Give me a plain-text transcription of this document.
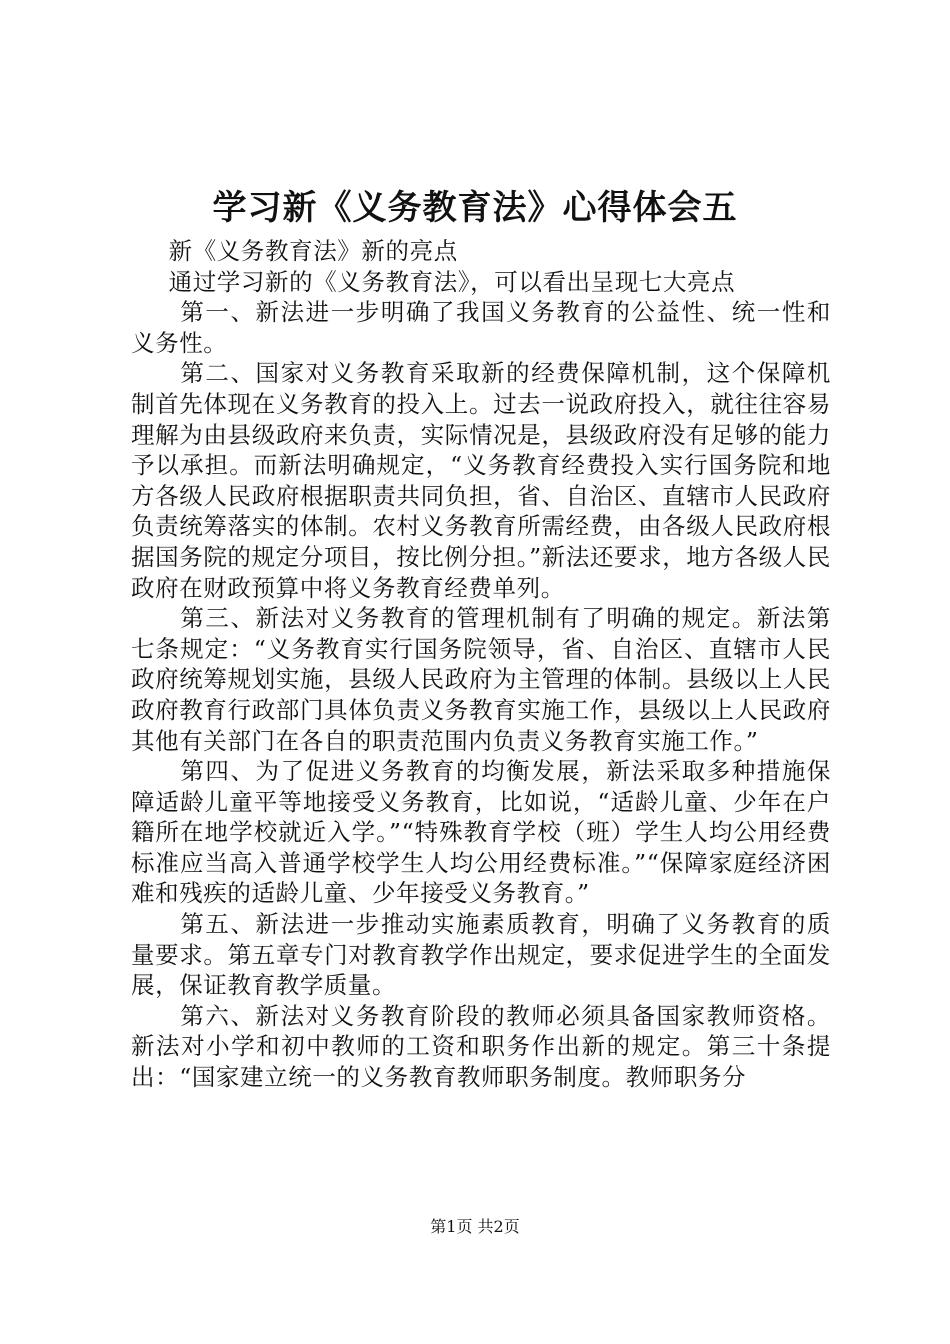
学习新《义务教育法》心得体会五

新《义务教育法》新的亮点

通过学习新的《义务教育法》，可以看出呈现七大亮点

第一、新法进一步明确了我国义务教育的公益性、统一性和义务性。

第二、国家对义务教育采取新的经费保障机制，这个保障机制首先体现在义务教育的投入上。过去一说政府投入，就往往容易理解为由县级政府来负责，实际情况是，县级政府没有足够的能力予以承担。而新法明确规定，“义务教育经费投入实行国务院和地方各级人民政府根据职责共同负担，省、自治区、直辖市人民政府负责统筹落实的体制。农村义务教育所需经费，由各级人民政府根据国务院的规定分项目，按比例分担。”新法还要求，地方各级人民政府在财政预算中将义务教育经费单列。

第三、新法对义务教育的管理机制有了明确的规定。新法第七条规定：“义务教育实行国务院领导，省、自治区、直辖市人民政府统筹规划实施，县级人民政府为主管理的体制。县级以上人民政府教育行政部门具体负责义务教育实施工作，县级以上人民政府其他有关部门在各自的职责范围内负责义务教育实施工作。”

第四、为了促进义务教育的均衡发展，新法采取多种措施保障适龄儿童平等地接受义务教育，比如说，“适龄儿童、少年在户籍所在地学校就近入学。”“特殊教育学校（班）学生人均公用经费标准应当高入普通学校学生人均公用经费标准。”“保障家庭经济困难和残疾的适龄儿童、少年接受义务教育。”

第五、新法进一步推动实施素质教育，明确了义务教育的质量要求。第五章专门对教育教学作出规定，要求促进学生的全面发展，保证教育教学质量。

第六、新法对义务教育阶段的教师必须具备国家教师资格。新法对小学和初中教师的工资和职务作出新的规定。第三十条提出：“国家建立统一的义务教育教师职务制度。教师职务分

第1页 共2页
